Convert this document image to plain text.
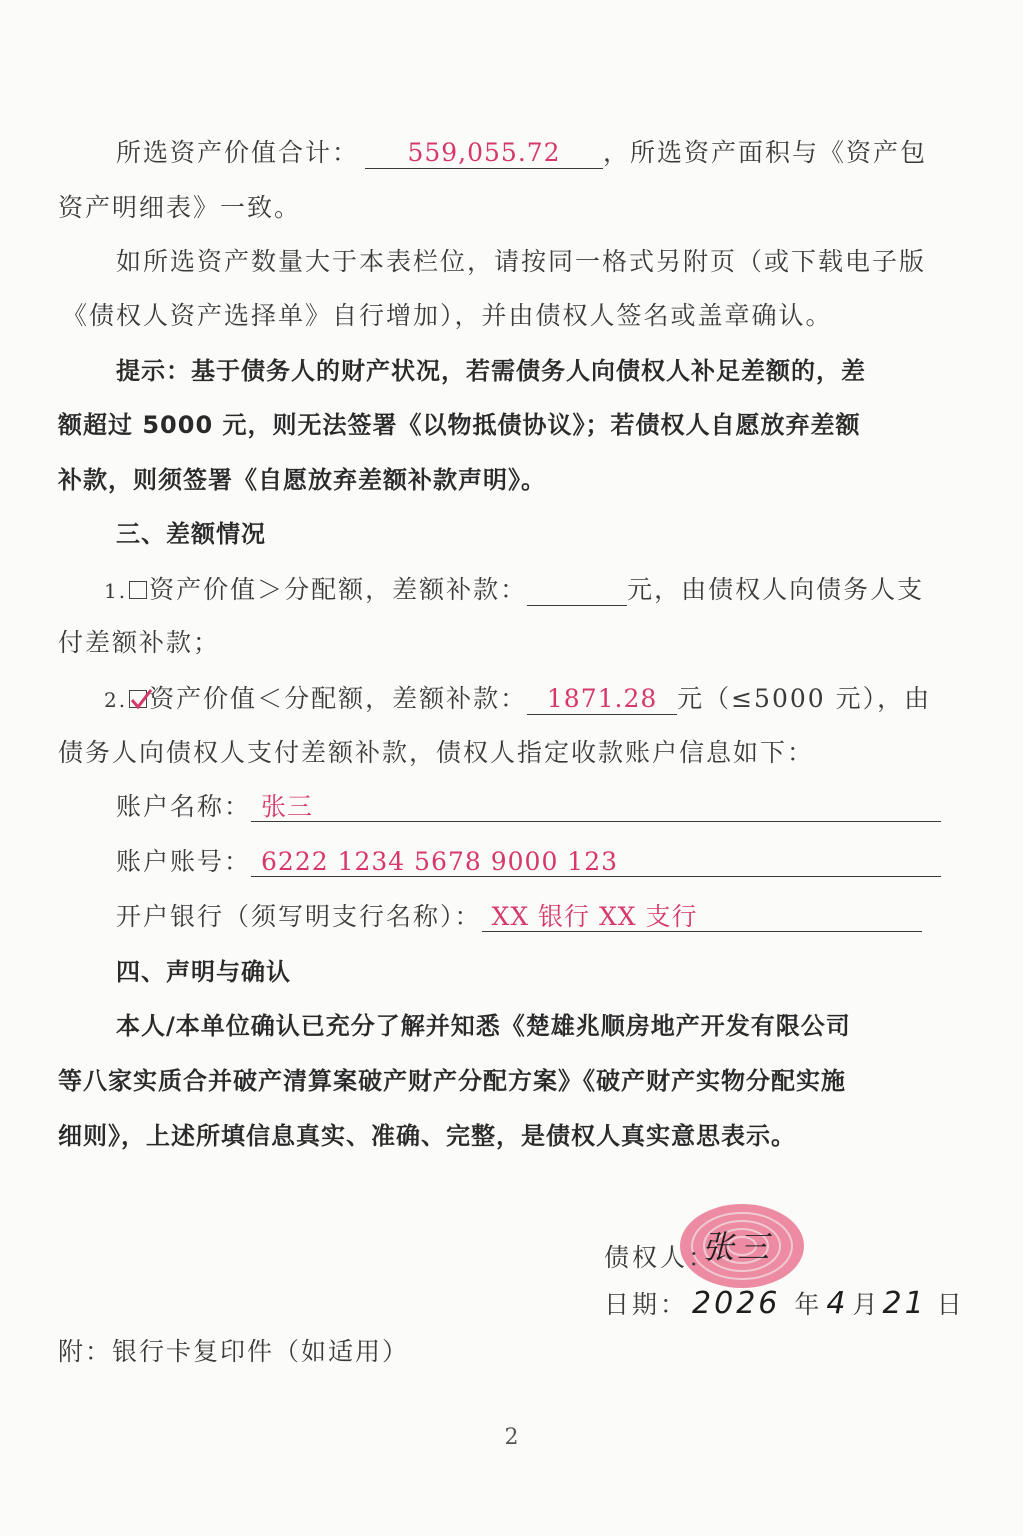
所选资产价值合计： 559,055.72 ，所选资产面积与《资产包
资产明细表》一致。
如所选资产数量大于本表栏位，请按同一格式另附页（或下载电子版
《债权人资产选择单》自行增加），并由债权人签名或盖章确认。
提示：基于债务人的财产状况，若需债务人向债权人补足差额的，差
额超过 5000 元，则无法签署《以物抵债协议》；若债权人自愿放弃差额
补款，则须签署《自愿放弃差额补款声明》。
三、差额情况
1. 资产价值＞分配额，差额补款：	元，由债权人向债务人支
付差额补款；
2. 资产价值＜分配额，差额补款： 1871.28 元（≤5000 元），由
债务人向债权人支付差额补款，债权人指定收款账户信息如下：
账户名称： 张三
账户账号： 6222 1234 5678 9000 123
开户银行（须写明支行名称）： XX 银行 XX 支行
四、声明与确认
本人/本单位确认已充分了解并知悉《楚雄兆顺房地产开发有限公司
等八家实质合并破产清算案破产财产分配方案》《破产财产实物分配实施
细则》，上述所填信息真实、准确、完整，是债权人真实意思表示。
债权人：张三
日期： 2026 年 4 月21 日
附：银行卡复印件（如适用）
2
